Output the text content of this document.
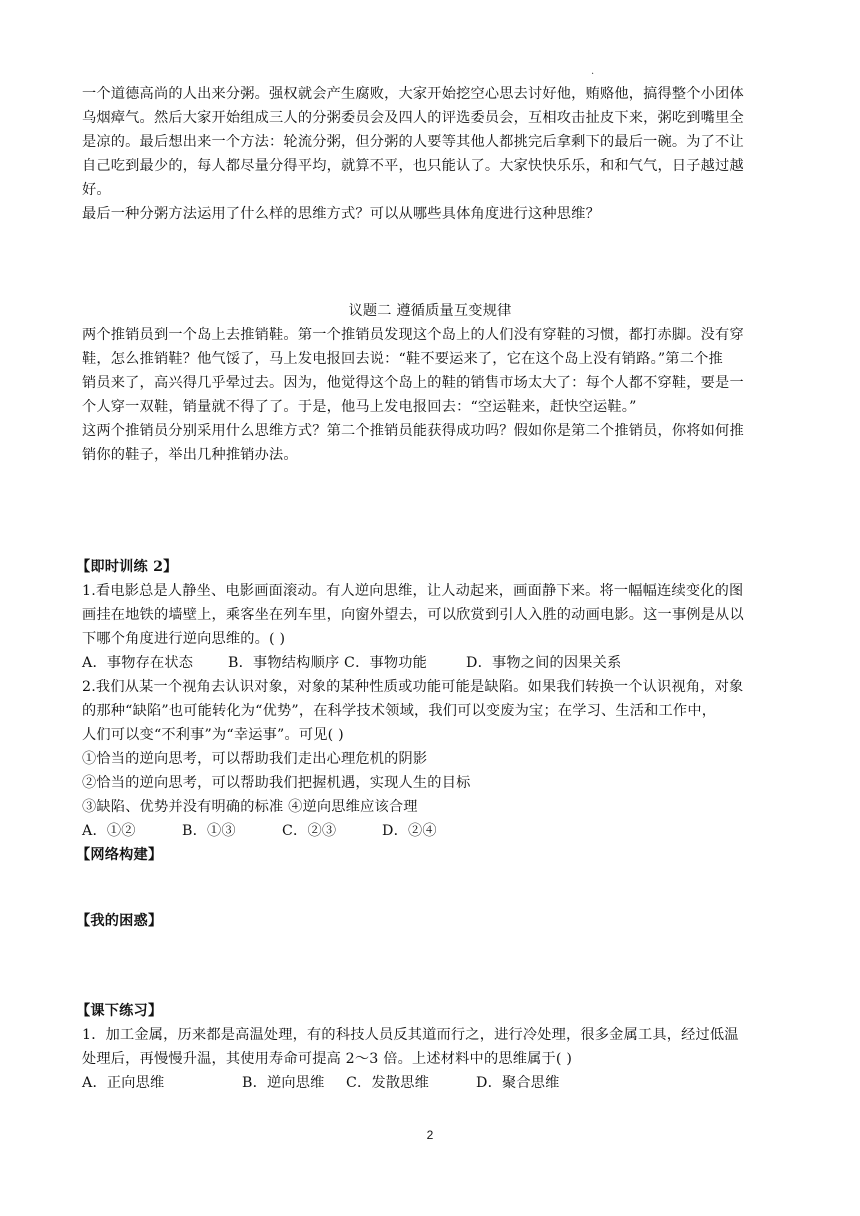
.
一个道德高尚的人出来分粥。强权就会产生腐败，大家开始挖空心思去讨好他，贿赂他，搞得整个小团体
乌烟瘴气。然后大家开始组成三人的分粥委员会及四人的评选委员会，互相攻击扯皮下来，粥吃到嘴里全
是凉的。最后想出来一个方法：轮流分粥，但分粥的人要等其他人都挑完后拿剩下的最后一碗。为了不让
自己吃到最少的，每人都尽量分得平均，就算不平，也只能认了。大家快快乐乐，和和气气，日子越过越
好。
最后一种分粥方法运用了什么样的思维方式？可以从哪些具体角度进行这种思维？
议题二 遵循质量互变规律
两个推销员到一个岛上去推销鞋。第一个推销员发现这个岛上的人们没有穿鞋的习惯，都打赤脚。没有穿
鞋，怎么推销鞋？他气馁了，马上发电报回去说：“鞋不要运来了，它在这个岛上没有销路。”第二个推
销员来了，高兴得几乎晕过去。因为，他觉得这个岛上的鞋的销售市场太大了：每个人都不穿鞋，要是一
个人穿一双鞋，销量就不得了了。于是，他马上发电报回去：“空运鞋来，赶快空运鞋。”
这两个推销员分别采用什么思维方式？第二个推销员能获得成功吗？假如你是第二个推销员，你将如何推
销你的鞋子，举出几种推销办法。
【即时训练 2】
1.看电影总是人静坐、电影画面滚动。有人逆向思维，让人动起来，画面静下来。将一幅幅连续变化的图
画挂在地铁的墙壁上，乘客坐在列车里，向窗外望去，可以欣赏到引人入胜的动画电影。这一事例是从以
下哪个角度进行逆向思维的。( )
A．事物存在状态 B．事物结构顺序 C．事物功能	D．事物之间的因果关系
2.我们从某一个视角去认识对象，对象的某种性质或功能可能是缺陷。如果我们转换一个认识视角，对象
的那种“缺陷”也可能转化为“优势”，在科学技术领域，我们可以变废为宝；在学习、生活和工作中，
人们可以变“不利事”为“幸运事”。可见( )
①恰当的逆向思考，可以帮助我们走出心理危机的阴影
②恰当的逆向思考，可以帮助我们把握机遇，实现人生的目标
③缺陷、优势并没有明确的标准 ④逆向思维应该合理
A．①②	B．①③	C．②③	D．②④
【网络构建】
【我的困惑】
【课下练习】
1．加工金属，历来都是高温处理，有的科技人员反其道而行之，进行冷处理，很多金属工具，经过低温
处理后，再慢慢升温，其使用寿命可提高 2～3 倍。上述材料中的思维属于( )
A．正向思维	B．逆向思维 C．发散思维	D．聚合思维
2
